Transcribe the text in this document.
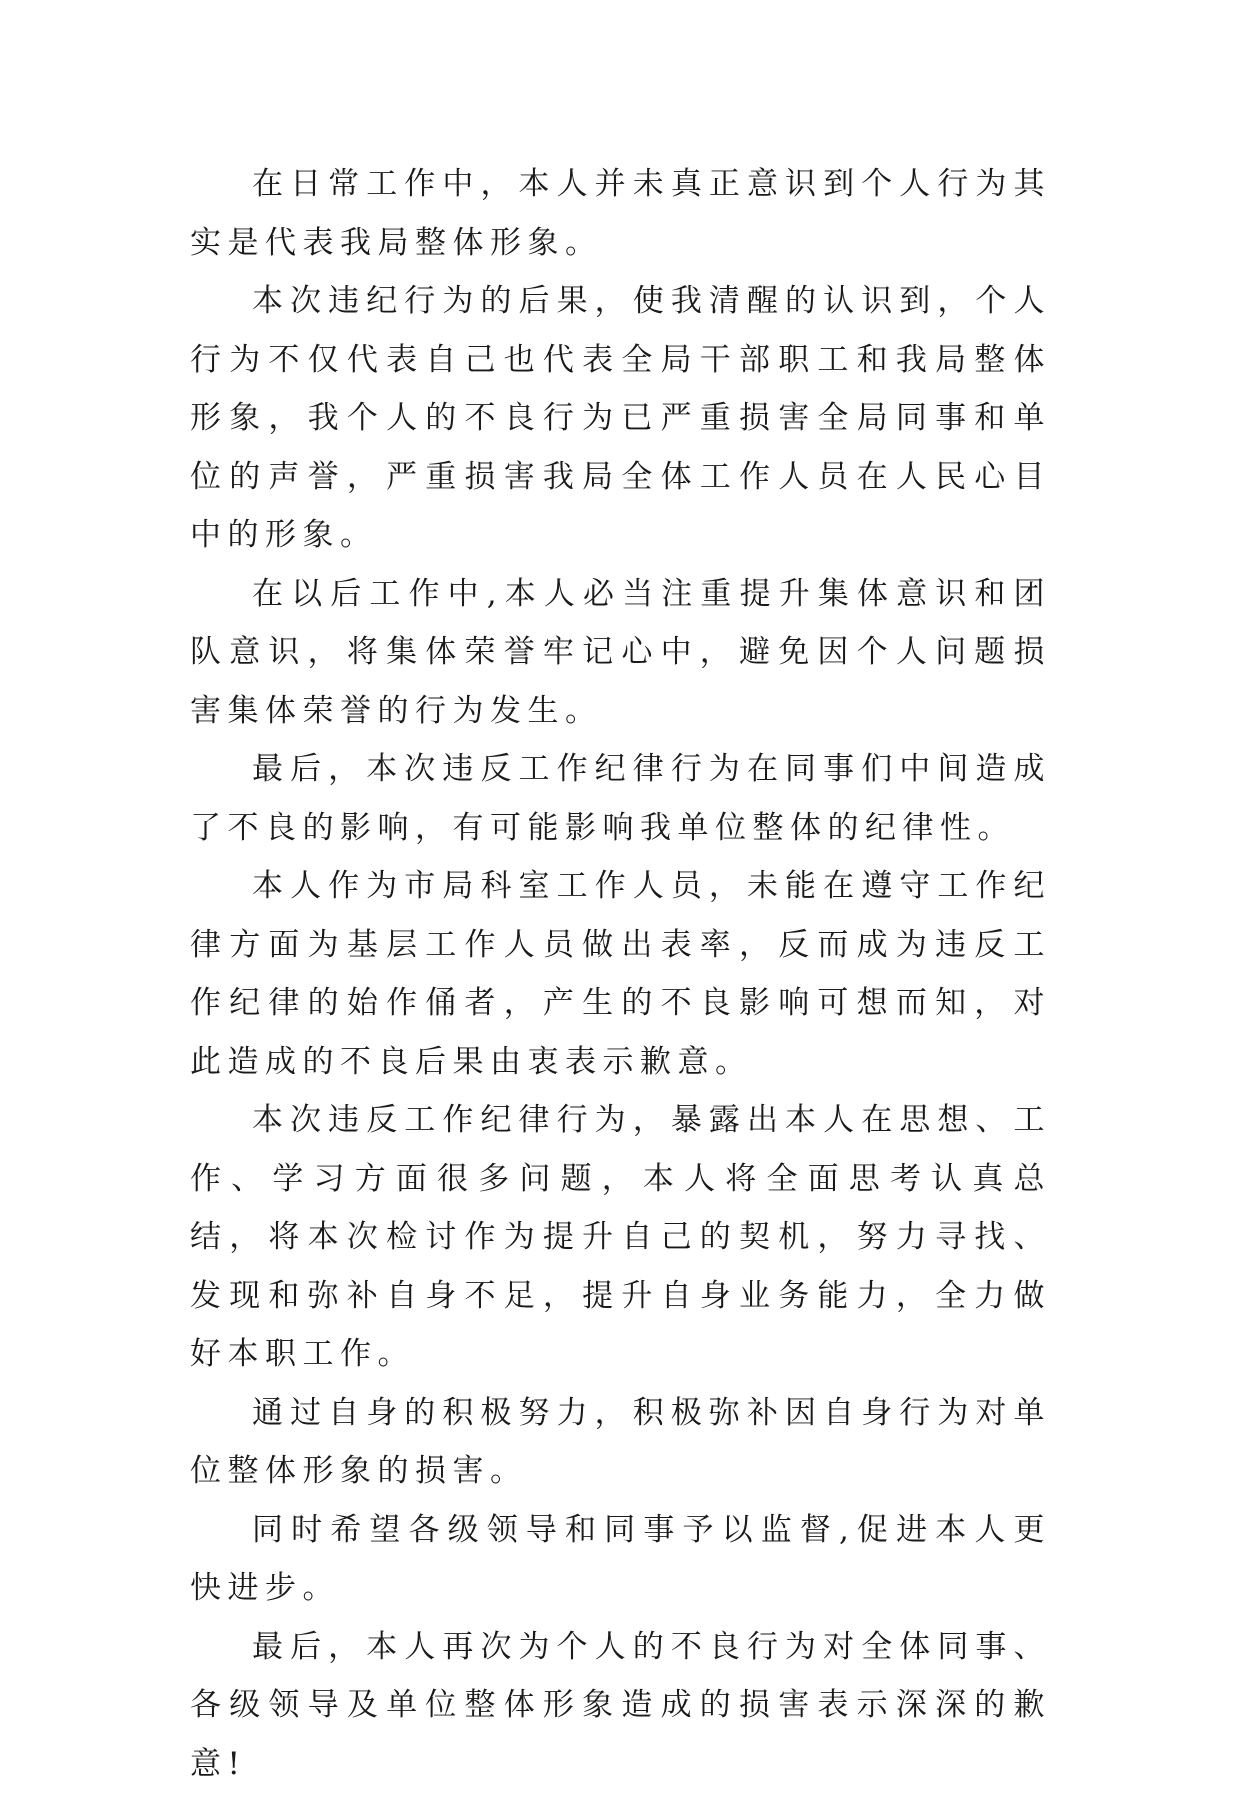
在日常工作中，本人并未真正意识到个人行为其实是代表我局整体形象。

本次违纪行为的后果，使我清醒的认识到，个人行为不仅代表自己也代表全局干部职工和我局整体形象，我个人的不良行为已严重损害全局同事和单位的声誉，严重损害我局全体工作人员在人民心目中的形象。

在以后工作中,本人必当注重提升集体意识和团队意识，将集体荣誉牢记心中，避免因个人问题损害集体荣誉的行为发生。

最后，本次违反工作纪律行为在同事们中间造成了不良的影响，有可能影响我单位整体的纪律性。

本人作为市局科室工作人员，未能在遵守工作纪律方面为基层工作人员做出表率，反而成为违反工作纪律的始作俑者，产生的不良影响可想而知，对此造成的不良后果由衷表示歉意。

本次违反工作纪律行为，暴露出本人在思想、工作、学习方面很多问题，本人将全面思考认真总结，将本次检讨作为提升自己的契机，努力寻找、发现和弥补自身不足，提升自身业务能力，全力做好本职工作。

通过自身的积极努力，积极弥补因自身行为对单位整体形象的损害。

同时希望各级领导和同事予以监督,促进本人更快进步。

最后，本人再次为个人的不良行为对全体同事、各级领导及单位整体形象造成的损害表示深深的歉意!
